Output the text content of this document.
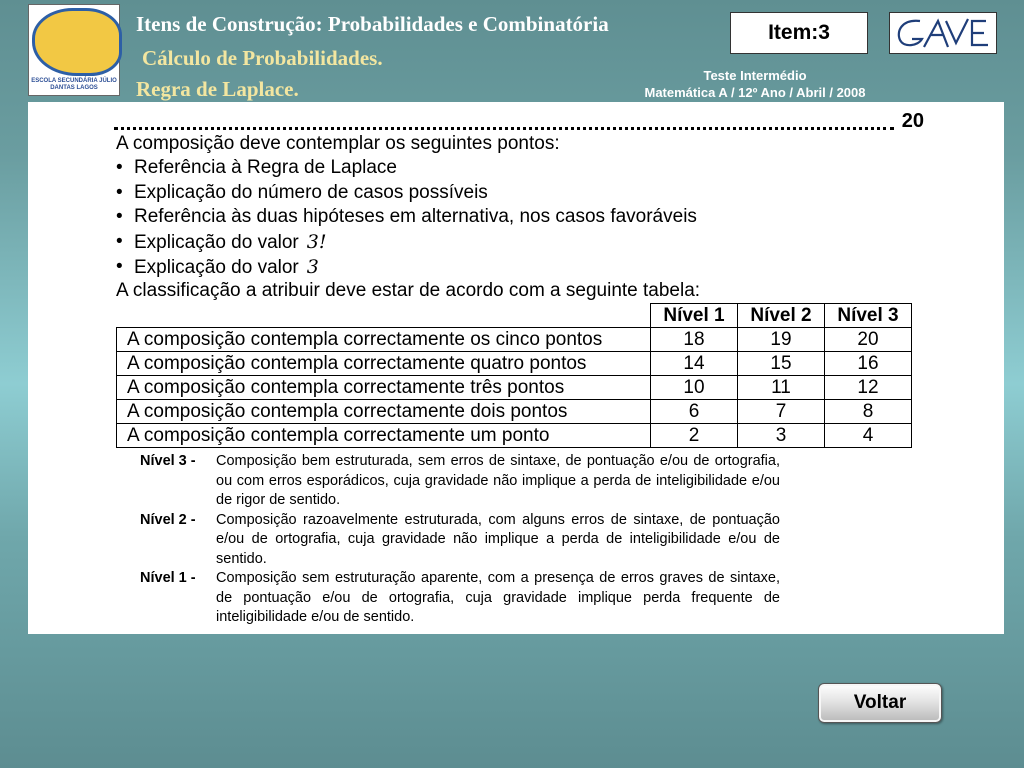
ESCOLA SECUNDÁRIA JÚLIO DANTAS LAGOS
Itens de Construção: Probabilidades e Combinatória
Cálculo de Probabilidades.
Regra de Laplace.
Item:3
Teste Intermédio
Matemática A / 12º Ano / Abril / 2008
20
A composição deve contemplar os seguintes pontos:
• Referência à Regra de Laplace
• Explicação do número de casos possíveis
• Referência às duas hipóteses em alternativa, nos casos favoráveis
• Explicação do valor 3!
• Explicação do valor 3
A classificação a atribuir deve estar de acordo com a seguinte tabela:
	Nível 1	Nível 2	Nível 3
A composição contempla correctamente os cinco pontos	18	19	20
A composição contempla correctamente quatro pontos	14	15	16
A composição contempla correctamente três pontos	10	11	12
A composição contempla correctamente dois pontos	6	7	8
A composição contempla correctamente um ponto	2	3	4
Nível 3 -	Composição bem estruturada, sem erros de sintaxe, de pontuação e/ou de ortografia, ou com erros esporádicos, cuja gravidade não implique a perda de inteligibilidade e/ou de rigor de sentido.
Nível 2 -	Composição razoavelmente estruturada, com alguns erros de sintaxe, de pontuação e/ou de ortografia, cuja gravidade não implique a perda de inteligibilidade e/ou de sentido.
Nível 1 -	Composição sem estruturação aparente, com a presença de erros graves de sintaxe, de pontuação e/ou de ortografia, cuja gravidade implique perda frequente de inteligibilidade e/ou de sentido.
Voltar
